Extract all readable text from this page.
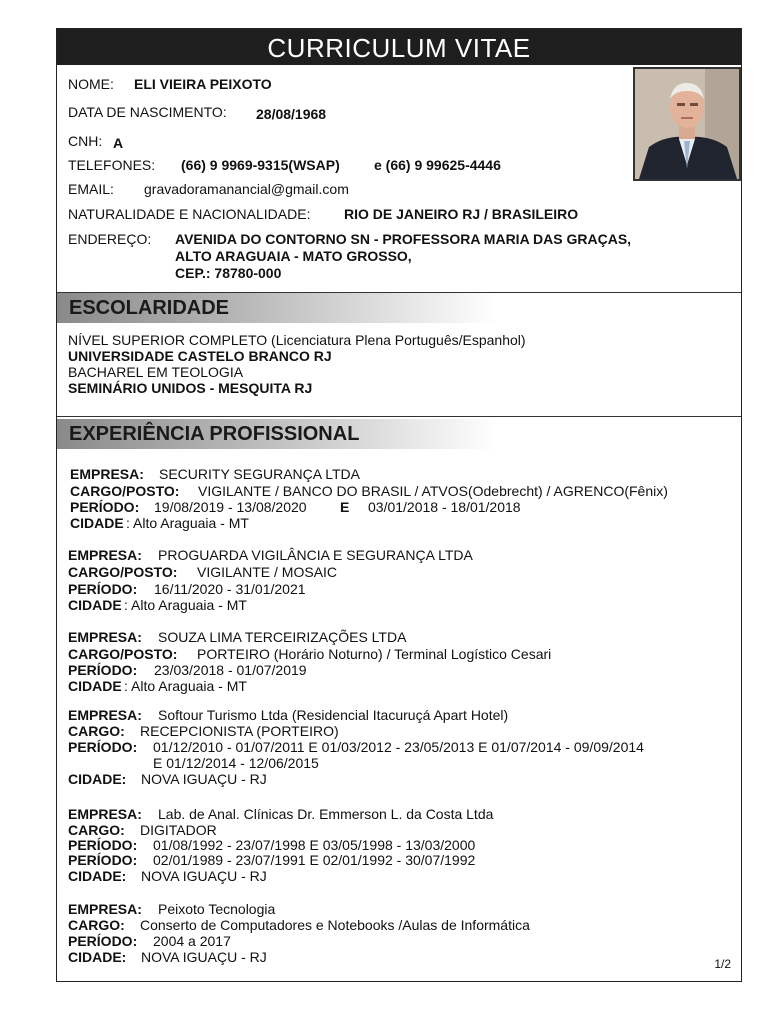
CURRICULUM VITAE
NOME: ELI VIEIRA PEIXOTO
DATA DE NASCIMENTO: 28/08/1968
CNH: A
TELEFONES: (66) 9 9969-9315(WSAP) e (66) 9 99625-4446
EMAIL: gravadoramanancial@gmail.com
NATURALIDADE E NACIONALIDADE: RIO DE JANEIRO RJ / BRASILEIRO
ENDEREÇO: AVENIDA DO CONTORNO SN - PROFESSORA MARIA DAS GRAÇAS,
ALTO ARAGUAIA - MATO GROSSO,
CEP.: 78780-000
ESCOLARIDADE
NÍVEL SUPERIOR COMPLETO (Licenciatura Plena Português/Espanhol)
UNIVERSIDADE CASTELO BRANCO RJ
BACHAREL EM TEOLOGIA
SEMINÁRIO UNIDOS - MESQUITA RJ
EXPERIÊNCIA PROFISSIONAL
EMPRESA: SECURITY SEGURANÇA LTDA
CARGO/POSTO: VIGILANTE / BANCO DO BRASIL / ATVOS(Odebrecht) / AGRENCO(Fênix)
PERÍODO: 19/08/2019 - 13/08/2020 E 03/01/2018 - 18/01/2018
CIDADE : Alto Araguaia - MT
EMPRESA: PROGUARDA VIGILÂNCIA E SEGURANÇA LTDA
CARGO/POSTO: VIGILANTE / MOSAIC
PERÍODO: 16/11/2020 - 31/01/2021
CIDADE : Alto Araguaia - MT
EMPRESA: SOUZA LIMA TERCEIRIZAÇÕES LTDA
CARGO/POSTO: PORTEIRO (Horário Noturno) / Terminal Logístico Cesari
PERÍODO: 23/03/2018 - 01/07/2019
CIDADE : Alto Araguaia - MT
EMPRESA: Softour Turismo Ltda (Residencial Itacuruçá Apart Hotel)
CARGO: RECEPCIONISTA (PORTEIRO)
PERÍODO: 01/12/2010 - 01/07/2011 E 01/03/2012 - 23/05/2013 E 01/07/2014 - 09/09/2014
E 01/12/2014 - 12/06/2015
CIDADE: NOVA IGUAÇU - RJ
EMPRESA: Lab. de Anal. Clínicas Dr. Emmerson L. da Costa Ltda
CARGO: DIGITADOR
PERÍODO: 01/08/1992 - 23/07/1998 E 03/05/1998 - 13/03/2000
PERÍODO: 02/01/1989 - 23/07/1991 E 02/01/1992 - 30/07/1992
CIDADE: NOVA IGUAÇU - RJ
EMPRESA: Peixoto Tecnologia
CARGO: Conserto de Computadores e Notebooks /Aulas de Informática
PERÍODO: 2004 a 2017
CIDADE: NOVA IGUAÇU - RJ	1/2
